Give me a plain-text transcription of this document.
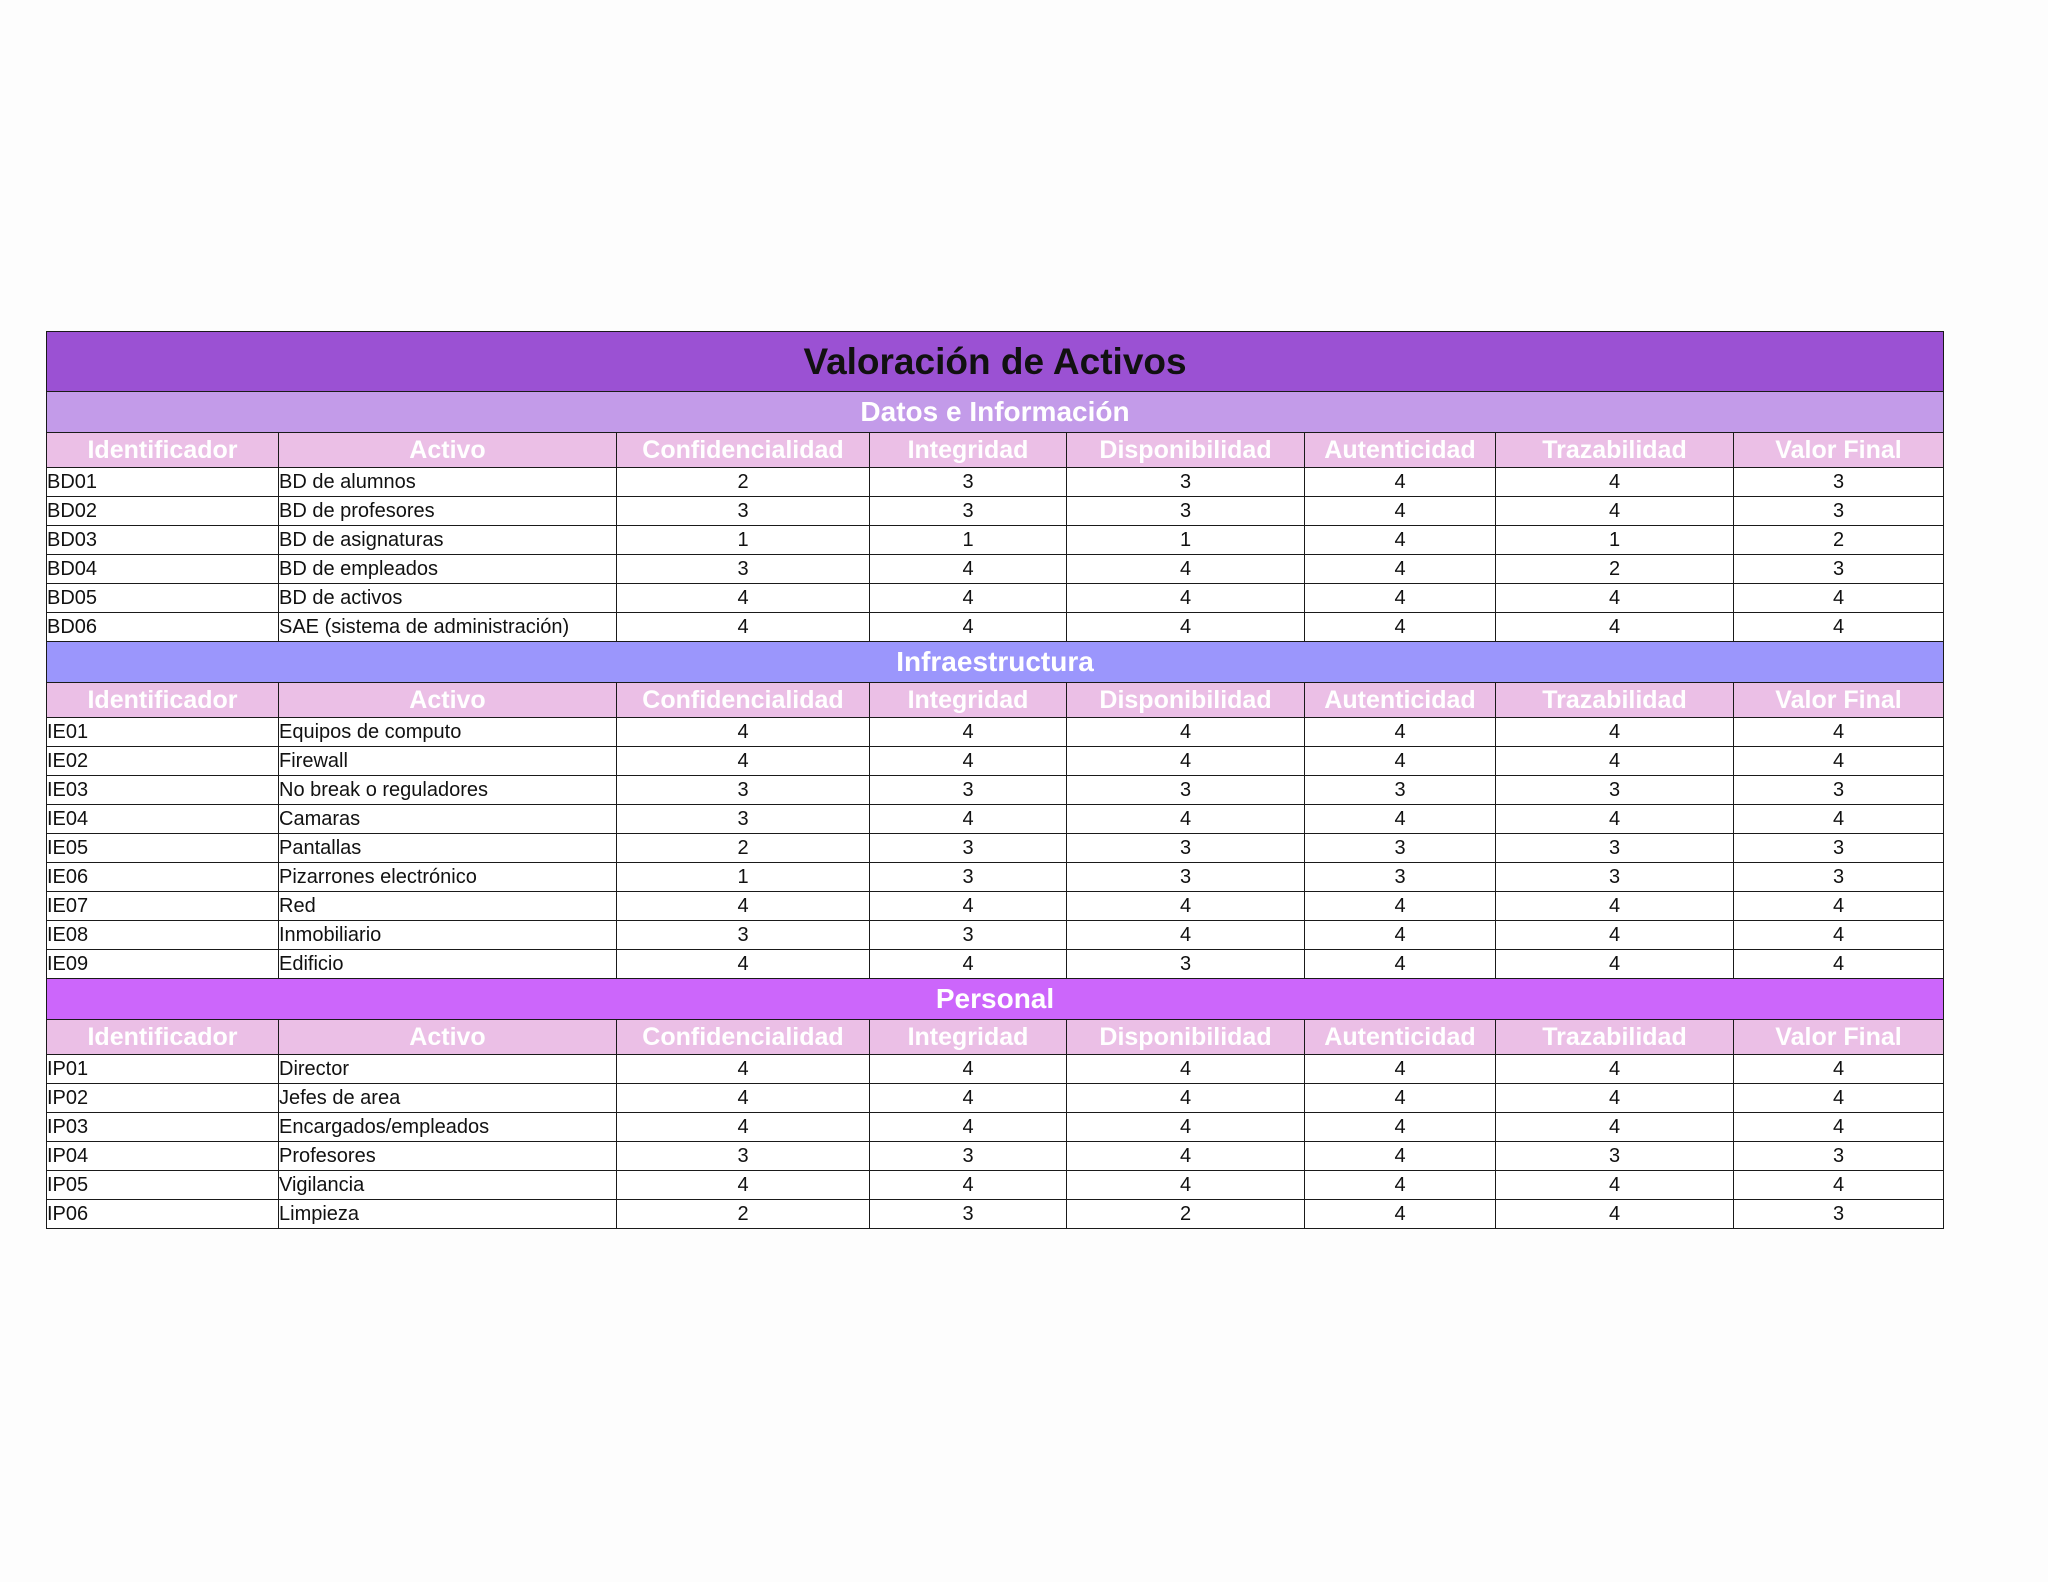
Valoración de Activos							
Datos e Información							
Identificador	Activo	Confidencialidad	Integridad	Disponibilidad	Autenticidad	Trazabilidad	Valor Final
BD01	BD de alumnos	2	3	3	4	4	3
BD02	BD de profesores	3	3	3	4	4	3
BD03	BD de asignaturas	1	1	1	4	1	2
BD04	BD de empleados	3	4	4	4	2	3
BD05	BD de activos	4	4	4	4	4	4
BD06	SAE (sistema de administración)	4	4	4	4	4	4
Infraestructura							
Identificador	Activo	Confidencialidad	Integridad	Disponibilidad	Autenticidad	Trazabilidad	Valor Final
IE01	Equipos de computo	4	4	4	4	4	4
IE02	Firewall	4	4	4	4	4	4
IE03	No break o reguladores	3	3	3	3	3	3
IE04	Camaras	3	4	4	4	4	4
IE05	Pantallas	2	3	3	3	3	3
IE06	Pizarrones electrónico	1	3	3	3	3	3
IE07	Red	4	4	4	4	4	4
IE08	Inmobiliario	3	3	4	4	4	4
IE09	Edificio	4	4	3	4	4	4
Personal							
Identificador	Activo	Confidencialidad	Integridad	Disponibilidad	Autenticidad	Trazabilidad	Valor Final
IP01	Director	4	4	4	4	4	4
IP02	Jefes de area	4	4	4	4	4	4
IP03	Encargados/empleados	4	4	4	4	4	4
IP04	Profesores	3	3	4	4	3	3
IP05	Vigilancia	4	4	4	4	4	4
IP06	Limpieza	2	3	2	4	4	3
